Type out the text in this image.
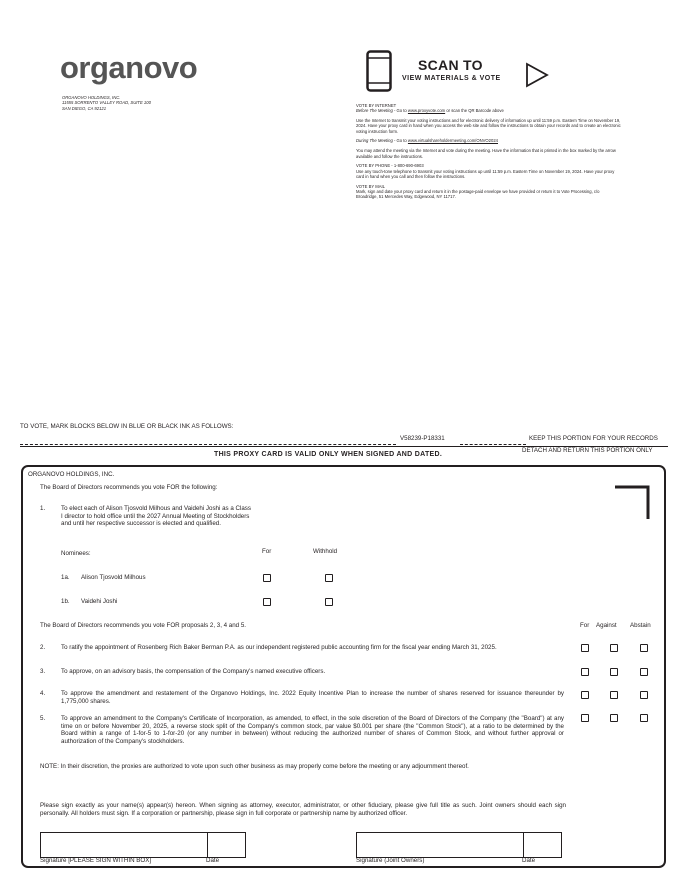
organovo
ORGANOVO HOLDINGS, INC.
11555 SORRENTO VALLEY ROAD, SUITE 100
SAN DIEGO, CA 92121
SCAN TO
VIEW MATERIALS & VOTE

VOTE BY INTERNET

Before The Meeting - Go to www.proxyvote.com or scan the QR Barcode above

Use the Internet to transmit your voting instructions and for electronic delivery of information up until 11:59 p.m. Eastern Time on November 19, 2024. Have your proxy card in hand when you access the web site and follow the instructions to obtain your records and to create an electronic voting instruction form.

During The Meeting - Go to www.virtualshareholdermeeting.com/ONVO2024

You may attend the meeting via the Internet and vote during the meeting. Have the information that is printed in the box marked by the arrow available and follow the instructions.

VOTE BY PHONE - 1-800-690-6903

Use any touch-tone telephone to transmit your voting instructions up until 11:59 p.m. Eastern Time on November 19, 2024. Have your proxy card in hand when you call and then follow the instructions.

VOTE BY MAIL

Mark, sign and date your proxy card and return it in the postage-paid envelope we have provided or return it to Vote Processing, c/o Broadridge, 51 Mercedes Way, Edgewood, NY 11717.

TO VOTE, MARK BLOCKS BELOW IN BLUE OR BLACK INK AS FOLLOWS:
V58239-P18331	KEEP THIS PORTION FOR YOUR RECORDS
THIS PROXY CARD IS VALID ONLY WHEN SIGNED AND DATED.
DETACH AND RETURN THIS PORTION ONLY
ORGANOVO HOLDINGS, INC.
The Board of Directors recommends you vote FOR the following:
1.	To elect each of Alison Tjosvold Milhous and Vaidehi Joshi as a Class I director to hold office until the 2027 Annual Meeting of Stockholders and until her respective successor is elected and qualified.
Nominees:	For	Withhold
1a. Alison Tjosvold Milhous
1b. Vaidehi Joshi
The Board of Directors recommends you vote FOR proposals 2, 3, 4 and 5.	For Against Abstain
2.	To ratify the appointment of Rosenberg Rich Baker Berman P.A. as our independent registered public accounting firm for the fiscal year ending March 31, 2025.
3.	To approve, on an advisory basis, the compensation of the Company's named executive officers.
4.	To approve the amendment and restatement of the Organovo Holdings, Inc. 2022 Equity Incentive Plan to increase the number of shares reserved for issuance thereunder by 1,775,000 shares.
5.	To approve an amendment to the Company's Certificate of Incorporation, as amended, to effect, in the sole discretion of the Board of Directors of the Company (the "Board") at any time on or before November 20, 2025, a reverse stock split of the Company's common stock, par value $0.001 per share (the "Common Stock"), at a ratio to be determined by the Board within a range of 1-for-5 to 1-for-20 (or any number in between) without reducing the authorized number of shares of Common Stock, and without further approval or authorization of the Company's stockholders.
NOTE: In their discretion, the proxies are authorized to vote upon such other business as may properly come before the meeting or any adjournment thereof.
Please sign exactly as your name(s) appear(s) hereon. When signing as attorney, executor, administrator, or other fiduciary, please give full title as such. Joint owners should each sign personally. All holders must sign. If a corporation or partnership, please sign in full corporate or partnership name by authorized officer.
Signature [PLEASE SIGN WITHIN BOX]	Date	Signature (Joint Owners)	Date
